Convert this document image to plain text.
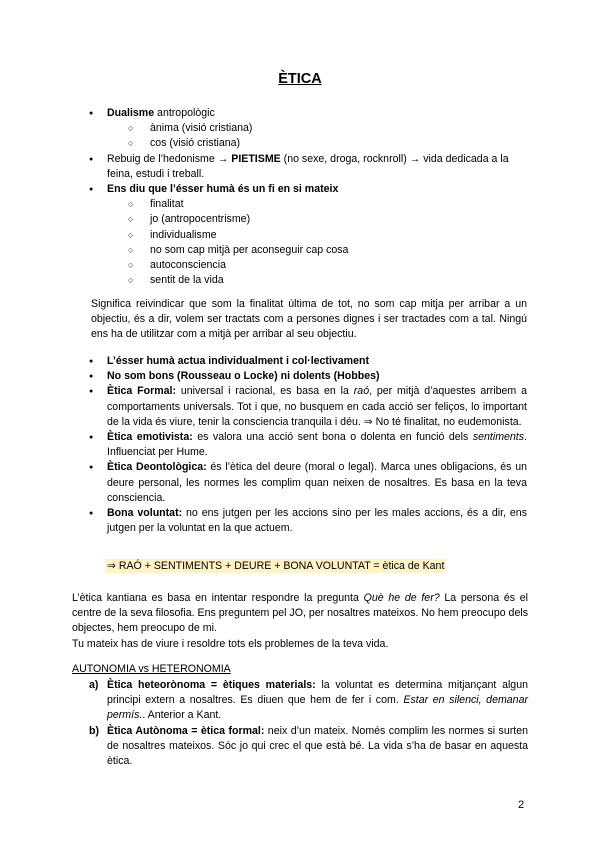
ÈTICA
● Dualisme antropològic
○ ànima (visió cristiana)
○ cos (visió cristiana)
● Rebuig de l’hedonisme → PIETISME (no sexe, droga, rocknroll) → vida dedicada a la feina, estudi i treball.
● Ens diu que l’ésser humà és un fi en si mateix
○ finalitat
○ jo (antropocentrisme)
○ individualisme
○ no som cap mitjà per aconseguir cap cosa
○ autoconsciencia
○ sentit de la vida
Significa reivindicar que som la finalitat última de tot, no som cap mitja per arribar a un objectiu, és a dir, volem ser tractats com a persones dignes i ser tractades com a tal. Ningú ens ha de utilitzar com a mitjà per arribar al seu objectiu.
● L’ésser humà actua individualment i col·lectivament
● No som bons (Rousseau o Locke) ni dolents (Hobbes)
● Ètica Formal: universal i racional, es basa en la raó, per mitjà d’aquestes arribem a comportaments universals. Tot i que, no busquem en cada acció ser feliços, lo important de la vida és viure, tenir la consciencia tranquila i déu. ⇒ No té finalitat, no eudemonista.
● Ètica emotivista: es valora una acció sent bona o dolenta en funció dels sentiments. Influenciat per Hume.
● Ètica Deontològica: és l’ètica del deure (moral o legal). Marca unes obligacions, és un deure personal, les normes les complim quan neixen de nosaltres. Es basa en la teva consciencia.
● Bona voluntat: no ens jutgen per les accions sino per les males accions, és a dir, ens jutgen per la voluntat en la que actuem.
⇒ RAÓ + SENTIMENTS + DEURE + BONA VOLUNTAT = ètica de Kant
L’ètica kantiana es basa en intentar respondre la pregunta Què he de fer? La persona és el centre de la seva filosofia. Ens preguntem pel JO, per nosaltres mateixos. No hem preocupo dels objectes, hem preocupo de mi.
Tu mateix has de viure i resoldre tots els problemes de la teva vida.
AUTONOMIA vs HETERONOMIA
a) Ètica heteorònoma = ètiques materials: la voluntat es determina mitjançant algun principi extern a nosaltres. Es diuen que hem de fer i com. Estar en silenci, demanar permís.. Anterior a Kant.
b) Ètica Autònoma = ètica formal: neix d’un mateix. Només complim les normes si surten de nosaltres mateixos. Sóc jo qui crec el que està bé. La vida s’ha de basar en aquesta ètica.
2
